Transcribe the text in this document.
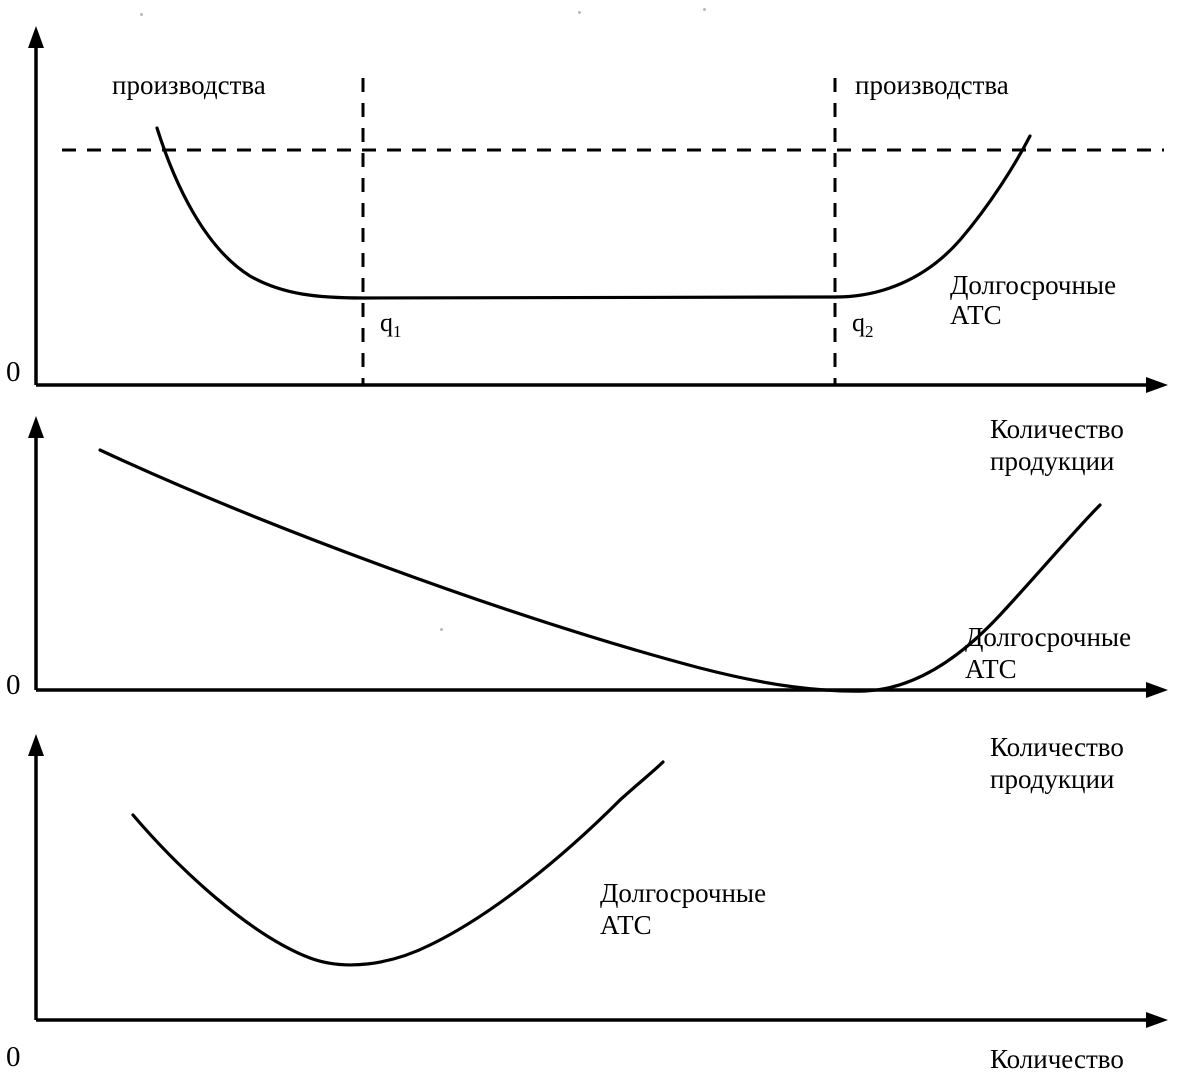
0
производства	производства
Долгосрочные
АТС
$q_1$	$q_2$
0
Количество
продукции
Долгосрочные
АТС
0
Количество
продукции
Долгосрочные
АТС
Количество
